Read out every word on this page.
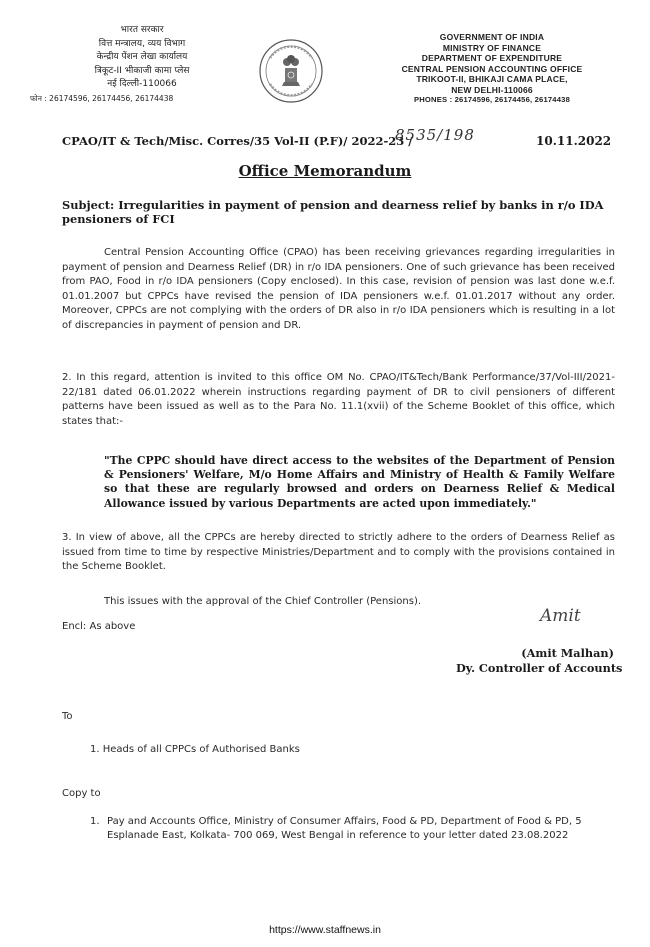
भारत सरकार
वित्त मन्त्रालय, व्यय विभाग
केन्द्रीय पेंशन लेखा कार्यालय
त्रिकूट-II भीकाजी कामा प्लेस
नई दिल्ली-110066
फोन : 26174596, 26174456, 26174438
GOVERNMENT OF INDIA
MINISTRY OF FINANCE
DEPARTMENT OF EXPENDITURE
CENTRAL PENSION ACCOUNTING OFFICE
TRIKOOT-II, BHIKAJI CAMA PLACE,
NEW DELHI-110066
PHONES : 26174596, 26174456, 26174438
CPAO/IT & Tech/Misc. Corres/35 Vol-II (P.F)/ 2022-23 /
8535/198	10.11.2022
Office Memorandum
Subject: Irregularities in payment of pension and dearness relief by banks in r/o IDA pensioners of FCI
Central Pension Accounting Office (CPAO) has been receiving grievances regarding irregularities in payment of pension and Dearness Relief (DR) in r/o IDA pensioners. One of such grievance has been received from PAO, Food in r/o IDA pensioners (Copy enclosed). In this case, revision of pension was last done w.e.f. 01.01.2007 but CPPCs have revised the pension of IDA pensioners w.e.f. 01.01.2017 without any order. Moreover, CPPCs are not complying with the orders of DR also in r/o IDA pensioners which is resulting in a lot of discrepancies in payment of pension and DR.
2. In this regard, attention is invited to this office OM No. CPAO/IT&Tech/Bank Performance/37/Vol-III/2021-22/181 dated 06.01.2022 wherein instructions regarding payment of DR to civil pensioners of different patterns have been issued as well as to the Para No. 11.1(xvii) of the Scheme Booklet of this office, which states that:-
"The CPPC should have direct access to the websites of the Department of Pension & Pensioners' Welfare, M/o Home Affairs and Ministry of Health & Family Welfare so that these are regularly browsed and orders on Dearness Relief & Medical Allowance issued by various Departments are acted upon immediately."
3. In view of above, all the CPPCs are hereby directed to strictly adhere to the orders of Dearness Relief as issued from time to time by respective Ministries/Department and to comply with the provisions contained in the Scheme Booklet.
This issues with the approval of the Chief Controller (Pensions).
Encl: As above
Amit
(Amit Malhan)
Dy. Controller of Accounts
To
1. Heads of all CPPCs of Authorised Banks
Copy to
1. Pay and Accounts Office, Ministry of Consumer Affairs, Food & PD, Department of Food & PD, 5 Esplanade East, Kolkata- 700 069, West Bengal in reference to your letter dated 23.08.2022
https://www.staffnews.in
